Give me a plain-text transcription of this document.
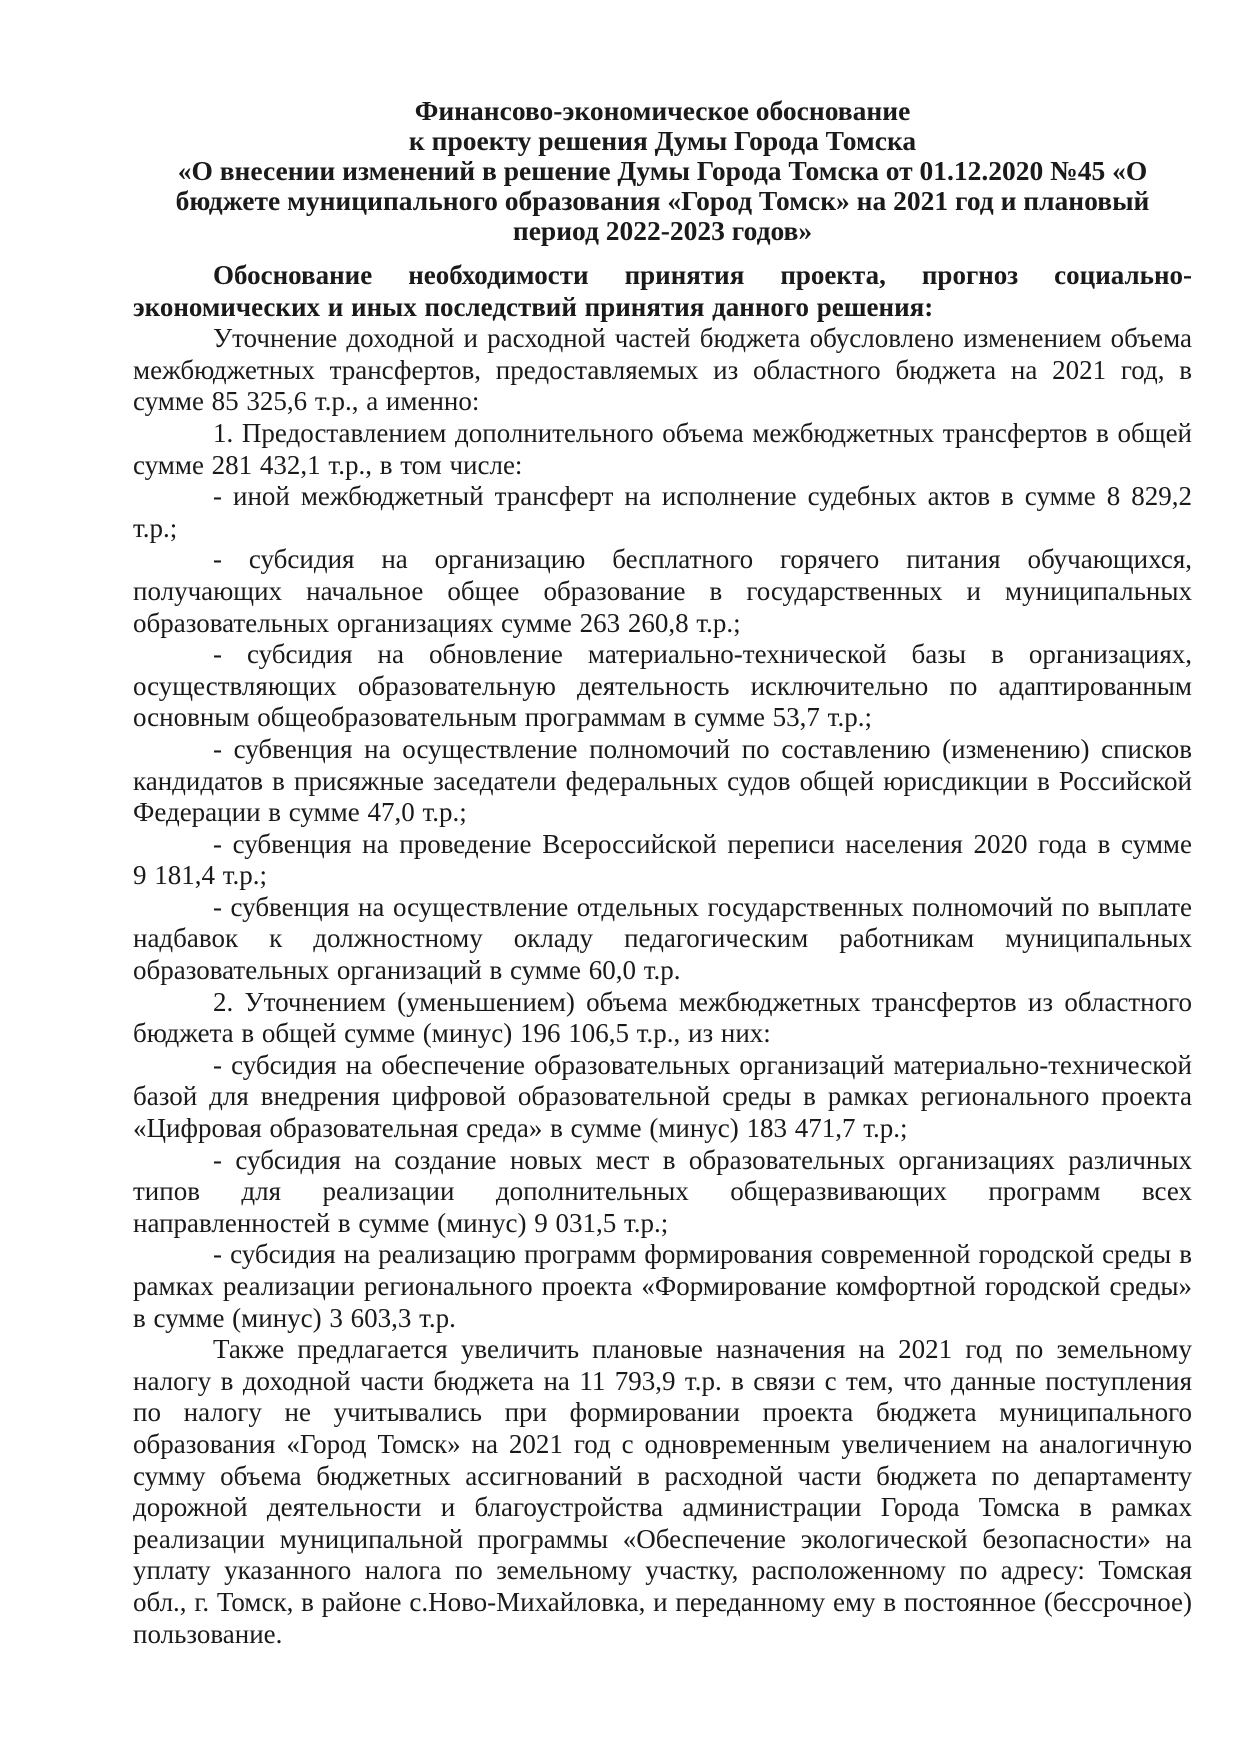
Финансово-экономическое обоснование
к проекту решения Думы Города Томска
«О внесении изменений в решение Думы Города Томска от 01.12.2020 №45 «О бюджете муниципального образования «Город Томск» на 2021 год и плановый период 2022-2023 годов»

Обоснование необходимости принятия проекта, прогноз социально-экономических и иных последствий принятия данного решения:

Уточнение доходной и расходной частей бюджета обусловлено изменением объема межбюджетных трансфертов, предоставляемых из областного бюджета на 2021 год, в сумме 85 325,6 т.р., а именно:

1. Предоставлением дополнительного объема межбюджетных трансфертов в общей сумме 281 432,1 т.р., в том числе:

- иной межбюджетный трансферт на исполнение судебных актов в сумме 8 829,2 т.р.;

- субсидия на организацию бесплатного горячего питания обучающихся, получающих начальное общее образование в государственных и муниципальных образовательных организациях сумме 263 260,8 т.р.;

- субсидия на обновление материально-технической базы в организациях, осуществляющих образовательную деятельность исключительно по адаптированным основным общеобразовательным программам в сумме 53,7 т.р.;

- субвенция на осуществление полномочий по составлению (изменению) списков кандидатов в присяжные заседатели федеральных судов общей юрисдикции в Российской Федерации в сумме 47,0 т.р.;

- субвенция на проведение Всероссийской переписи населения 2020 года в сумме 9 181,4 т.р.;

- субвенция на осуществление отдельных государственных полномочий по выплате надбавок к должностному окладу педагогическим работникам муниципальных образовательных организаций в сумме 60,0 т.р.

2. Уточнением (уменьшением) объема межбюджетных трансфертов из областного бюджета в общей сумме (минус) 196 106,5 т.р., из них:

- субсидия на обеспечение образовательных организаций материально-технической базой для внедрения цифровой образовательной среды в рамках регионального проекта «Цифровая образовательная среда» в сумме (минус) 183 471,7 т.р.;

- субсидия на создание новых мест в образовательных организациях различных типов для реализации дополнительных общеразвивающих программ всех направленностей в сумме (минус) 9 031,5 т.р.;

- субсидия на реализацию программ формирования современной городской среды в рамках реализации регионального проекта «Формирование комфортной городской среды» в сумме (минус) 3 603,3 т.р.

Также предлагается увеличить плановые назначения на 2021 год по земельному налогу в доходной части бюджета на 11 793,9 т.р. в связи с тем, что данные поступления по налогу не учитывались при формировании проекта бюджета муниципального образования «Город Томск» на 2021 год с одновременным увеличением на аналогичную сумму объема бюджетных ассигнований в расходной части бюджета по департаменту дорожной деятельности и благоустройства администрации Города Томска в рамках реализации муниципальной программы «Обеспечение экологической безопасности» на уплату указанного налога по земельному участку, расположенному по адресу: Томская обл., г. Томск, в районе с.Ново-Михайловка, и переданному ему в постоянное (бессрочное) пользование.
